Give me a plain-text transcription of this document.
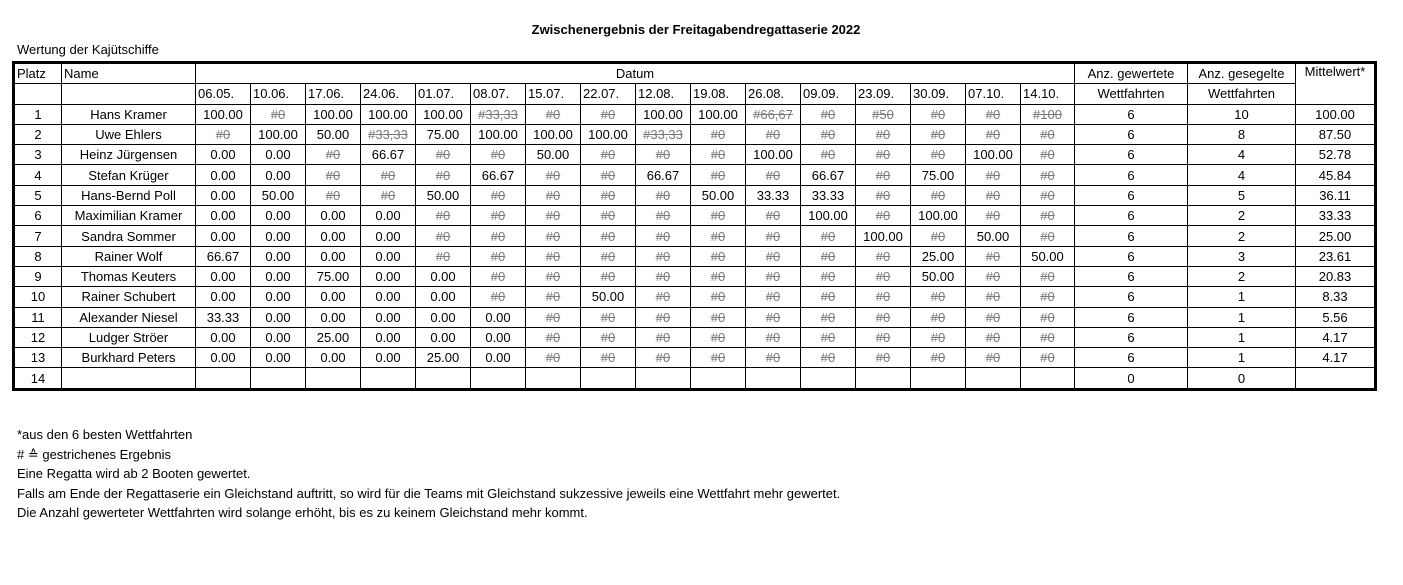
Zwischenergebnis der Freitagabendregattaserie 2022
Wertung der Kajütschiffe
Platz	Name	Datum																Anz. gewertete	Anz. gesegelte	Mittelwert*
		06.05.	10.06.	17.06.	24.06.	01.07.	08.07.	15.07.	22.07.	12.08.	19.08.	26.08.	09.09.	23.09.	30.09.	07.10.	14.10.	Wettfahrten	Wettfahrten	
1	Hans Kramer	100.00	#0	100.00	100.00	100.00	#33,33	#0	#0	100.00	100.00	#66,67	#0	#50	#0	#0	#100	6	10	100.00
2	Uwe Ehlers	#0	100.00	50.00	#33,33	75.00	100.00	100.00	100.00	#33,33	#0	#0	#0	#0	#0	#0	#0	6	8	87.50
3	Heinz Jürgensen	0.00	0.00	#0	66.67	#0	#0	50.00	#0	#0	#0	100.00	#0	#0	#0	100.00	#0	6	4	52.78
4	Stefan Krüger	0.00	0.00	#0	#0	#0	66.67	#0	#0	66.67	#0	#0	66.67	#0	75.00	#0	#0	6	4	45.84
5	Hans-Bernd Poll	0.00	50.00	#0	#0	50.00	#0	#0	#0	#0	50.00	33.33	33.33	#0	#0	#0	#0	6	5	36.11
6	Maximilian Kramer	0.00	0.00	0.00	0.00	#0	#0	#0	#0	#0	#0	#0	100.00	#0	100.00	#0	#0	6	2	33.33
7	Sandra Sommer	0.00	0.00	0.00	0.00	#0	#0	#0	#0	#0	#0	#0	#0	100.00	#0	50.00	#0	6	2	25.00
8	Rainer Wolf	66.67	0.00	0.00	0.00	#0	#0	#0	#0	#0	#0	#0	#0	#0	25.00	#0	50.00	6	3	23.61
9	Thomas Keuters	0.00	0.00	75.00	0.00	0.00	#0	#0	#0	#0	#0	#0	#0	#0	50.00	#0	#0	6	2	20.83
10	Rainer Schubert	0.00	0.00	0.00	0.00	0.00	#0	#0	50.00	#0	#0	#0	#0	#0	#0	#0	#0	6	1	8.33
11	Alexander Niesel	33.33	0.00	0.00	0.00	0.00	0.00	#0	#0	#0	#0	#0	#0	#0	#0	#0	#0	6	1	5.56
12	Ludger Ströer	0.00	0.00	25.00	0.00	0.00	0.00	#0	#0	#0	#0	#0	#0	#0	#0	#0	#0	6	1	4.17
13	Burkhard Peters	0.00	0.00	0.00	0.00	25.00	0.00	#0	#0	#0	#0	#0	#0	#0	#0	#0	#0	6	1	4.17
14																		0	0	
*aus den 6 besten Wettfahrten
# ≙ gestrichenes Ergebnis
Eine Regatta wird ab 2 Booten gewertet.
Falls am Ende der Regattaserie ein Gleichstand auftritt, so wird für die Teams mit Gleichstand sukzessive jeweils eine Wettfahrt mehr gewertet.
Die Anzahl gewerteter Wettfahrten wird solange erhöht, bis es zu keinem Gleichstand mehr kommt.
